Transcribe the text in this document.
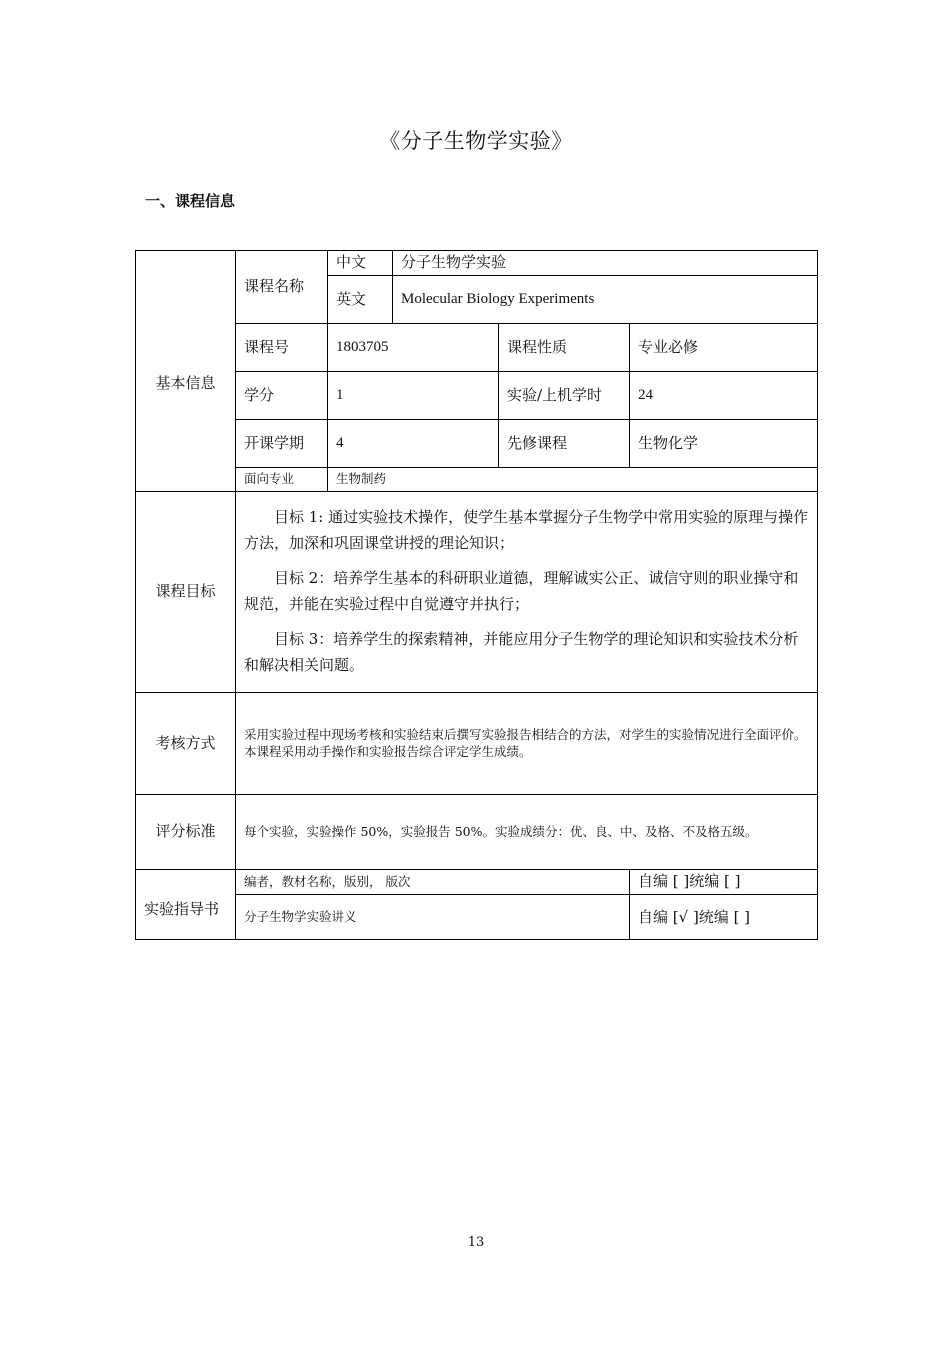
《分子生物学实验》
一、课程信息
基本信息	课程名称	中文	分子生物学实验		
		英文	Molecular Biology Experiments		
	课程号	1803705		课程性质	专业必修
	学分	1		实验/上机学时	24
	开课学期	4		先修课程	生物化学
	面向专业	生物制药			
课程目标	目标 1: 通过实验技术操作，使学生基本掌握分子生物学中常用实验的原理与操作方法，加深和巩固课堂讲授的理论知识；

目标 2：培养学生基本的科研职业道德，理解诚实公正、诚信守则的职业操守和规范，并能在实验过程中自觉遵守并执行；

目标 3：培养学生的探索精神，并能应用分子生物学的理论知识和实验技术分析和解决相关问题。				

考核方式	采用实验过程中现场考核和实验结束后撰写实验报告相结合的方法，对学生的实验情况进行全面评价。本课程采用动手操作和实验报告综合评定学生成绩。				
评分标准	每个实验，实验操作 50%，实验报告 50%。实验成绩分：优、良、中、及格、不及格五级。				
实验指导书	编者，教材名称，版别， 版次				自编 [ ]统编 [ ]
	分子生物学实验讲义				自编 [√ ]统编 [ ]
13
